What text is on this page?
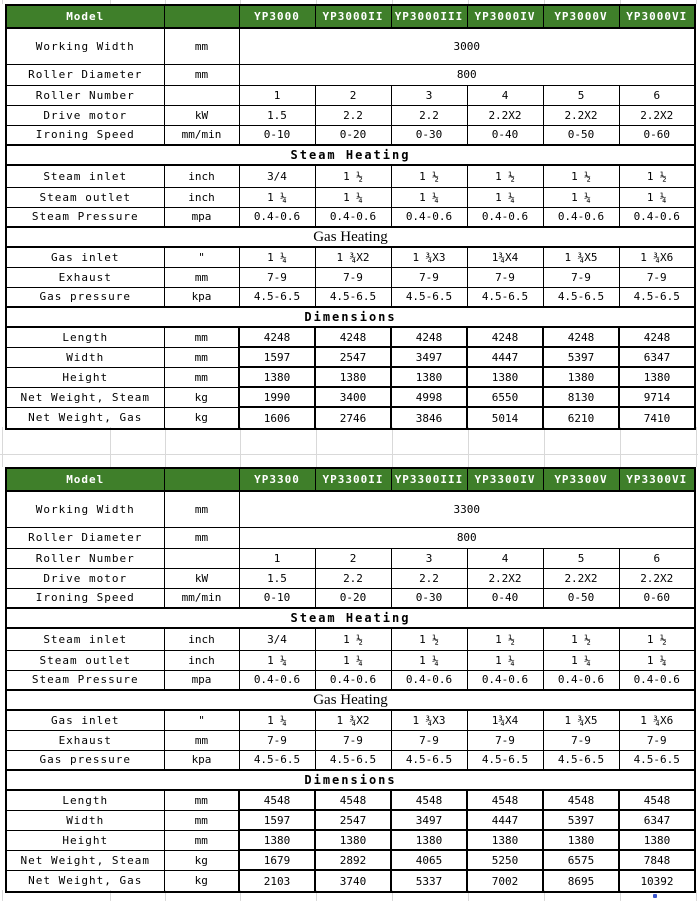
Model		YP3000	YP3000II	YP3000III	YP3000IV	YP3000V	YP3000VI
Working Width	mm	3000					
Roller Diameter	mm	800					
Roller Number		1	2	3	4	5	6
Drive motor	kW	1.5	2.2	2.2	2.2X2	2.2X2	2.2X2
Ironing Speed	mm/min	0-10	0-20	0-30	0-40	0-50	0-60
Steam Heating							
Steam inlet	inch	3/4	1 ½	1 ½	1 ½	1 ½	1 ½
Steam outlet	inch	1 ¼	1 ¼	1 ¼	1 ¼	1 ¼	1 ¼
Steam Pressure	mpa	0.4-0.6	0.4-0.6	0.4-0.6	0.4-0.6	0.4-0.6	0.4-0.6
Gas Heating							
Gas inlet	"	1 ¼	1 ¾X2	1 ¾X3	1¾X4	1 ¾X5	1 ¾X6
Exhaust	mm	7-9	7-9	7-9	7-9	7-9	7-9
Gas pressure	kpa	4.5-6.5	4.5-6.5	4.5-6.5	4.5-6.5	4.5-6.5	4.5-6.5
Dimensions							
Length	mm	4248	4248	4248	4248	4248	4248
Width	mm	1597	2547	3497	4447	5397	6347
Height	mm	1380	1380	1380	1380	1380	1380
Net Weight, Steam	kg	1990	3400	4998	6550	8130	9714
Net Weight, Gas	kg	1606	2746	3846	5014	6210	7410
Model		YP3300	YP3300II	YP3300III	YP3300IV	YP3300V	YP3300VI
Working Width	mm	3300					
Roller Diameter	mm	800					
Roller Number		1	2	3	4	5	6
Drive motor	kW	1.5	2.2	2.2	2.2X2	2.2X2	2.2X2
Ironing Speed	mm/min	0-10	0-20	0-30	0-40	0-50	0-60
Steam Heating							
Steam inlet	inch	3/4	1 ½	1 ½	1 ½	1 ½	1 ½
Steam outlet	inch	1 ¼	1 ¼	1 ¼	1 ¼	1 ¼	1 ¼
Steam Pressure	mpa	0.4-0.6	0.4-0.6	0.4-0.6	0.4-0.6	0.4-0.6	0.4-0.6
Gas Heating							
Gas inlet	"	1 ¼	1 ¾X2	1 ¾X3	1¾X4	1 ¾X5	1 ¾X6
Exhaust	mm	7-9	7-9	7-9	7-9	7-9	7-9
Gas pressure	kpa	4.5-6.5	4.5-6.5	4.5-6.5	4.5-6.5	4.5-6.5	4.5-6.5
Dimensions							
Length	mm	4548	4548	4548	4548	4548	4548
Width	mm	1597	2547	3497	4447	5397	6347
Height	mm	1380	1380	1380	1380	1380	1380
Net Weight, Steam	kg	1679	2892	4065	5250	6575	7848
Net Weight, Gas	kg	2103	3740	5337	7002	8695	10392
